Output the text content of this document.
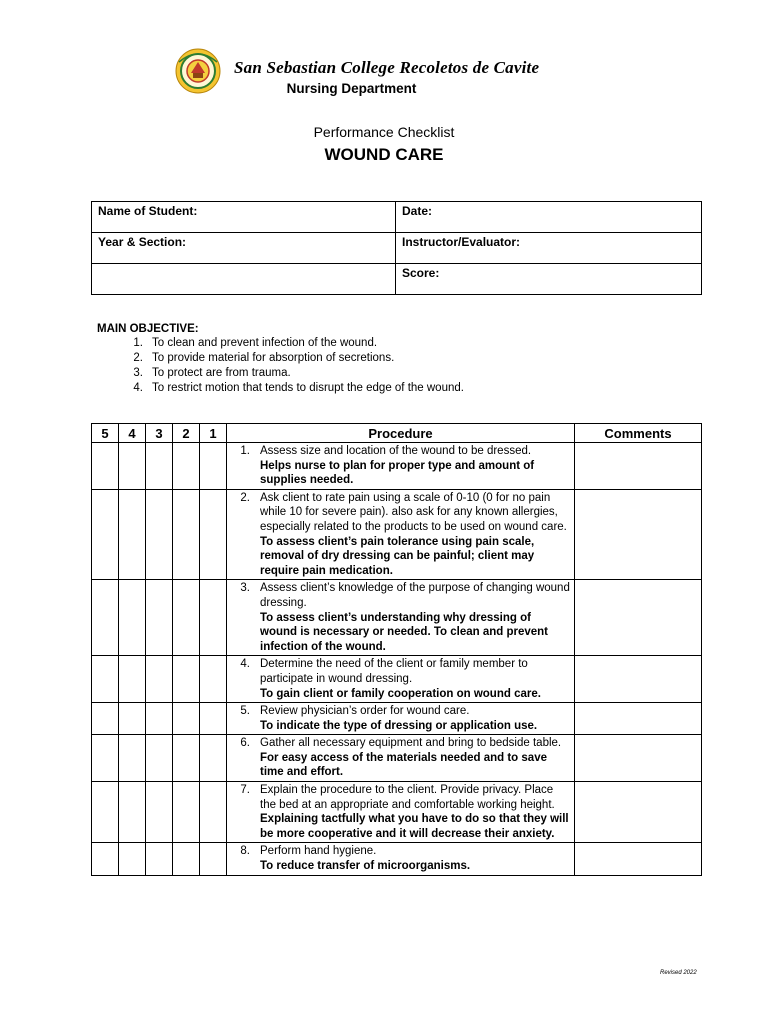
San Sebastian College Recoletos de Cavite
Nursing Department
Performance Checklist
WOUND CARE
Name of Student:	Date:
Year & Section:	Instructor/Evaluator:
	Score:
MAIN OBJECTIVE:
1. To clean and prevent infection of the wound.
2. To provide material for absorption of secretions.
3. To protect are from trauma.
4. To restrict motion that tends to disrupt the edge of the wound.
5	4	3	2	1	Procedure	Comments

					1. Assess size and location of the wound to be dressed.
Helps nurse to plan for proper type and amount of supplies needed.	

					2. Ask client to rate pain using a scale of 0-10 (0 for no pain while 10 for severe pain). also ask for any known allergies, especially related to the products to be used on wound care.
To assess client’s pain tolerance using pain scale, removal of dry dressing can be painful; client may require pain medication.	

					3. Assess client’s knowledge of the purpose of changing wound dressing.
To assess client’s understanding why dressing of wound is necessary or needed. To clean and prevent infection of the wound.	

					4. Determine the need of the client or family member to participate in wound dressing.
To gain client or family cooperation on wound care.	

					5. Review physician’s order for wound care.
To indicate the type of dressing or application use.	

					6. Gather all necessary equipment and bring to bedside table.
For easy access of the materials needed and to save time and effort.	

					7. Explain the procedure to the client. Provide privacy. Place the bed at an appropriate and comfortable working height.
Explaining tactfully what you have to do so that they will be more cooperative and it will decrease their anxiety.	

					8. Perform hand hygiene.
To reduce transfer of microorganisms.	

Revised 2022
